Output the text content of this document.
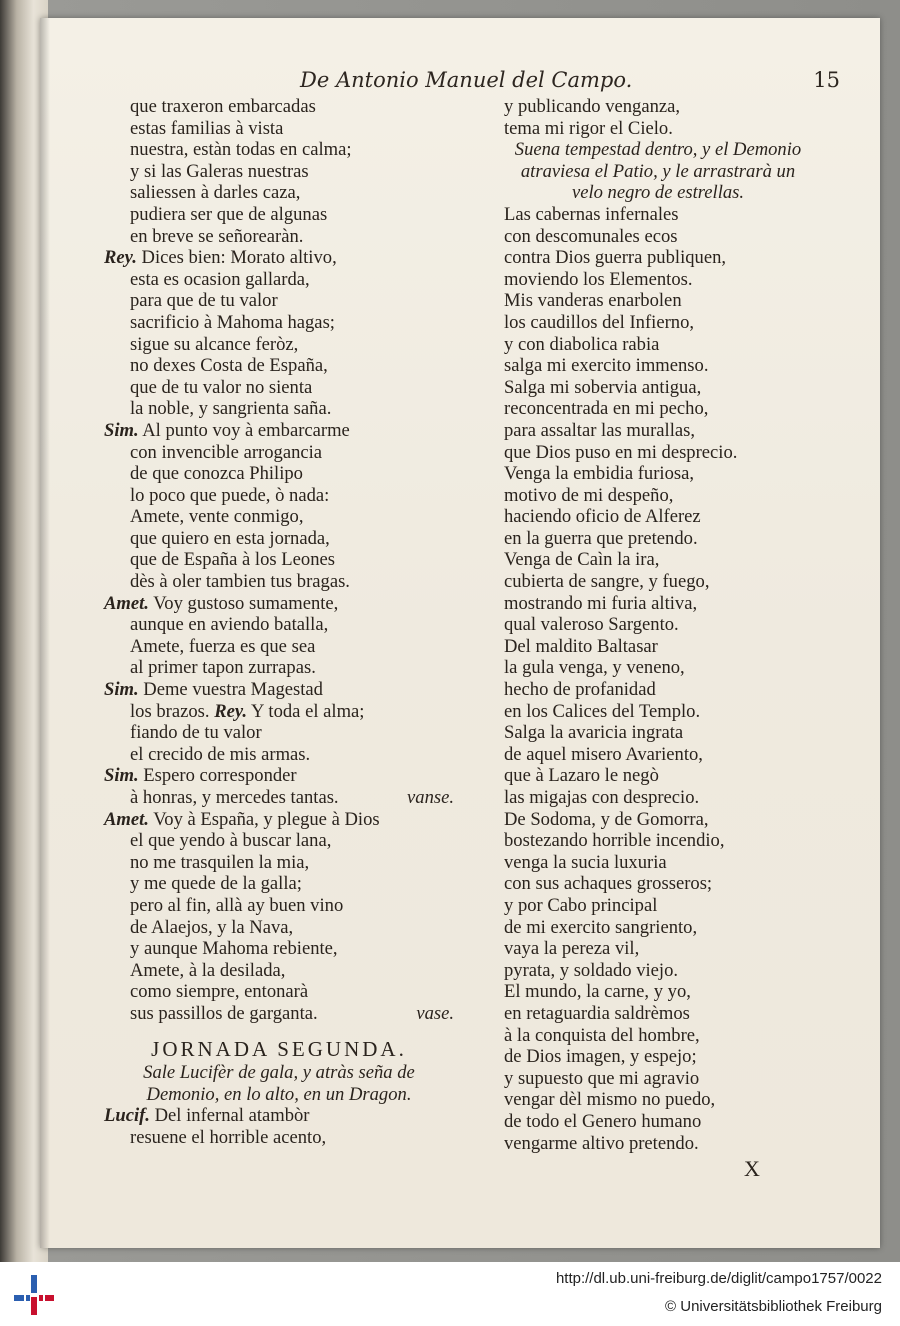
De Antonio Manuel del Campo.	15
que traxeron embarcadas
estas familias à vista
nuestra, estàn todas en calma;
y si las Galeras nuestras
saliessen à darles caza,
pudiera ser que de algunas
en breve se señorearàn.
Rey. Dices bien: Morato altivo,
esta es ocasion gallarda,
para que de tu valor
sacrificio à Mahoma hagas;
sigue su alcance feròz,
no dexes Costa de España,
que de tu valor no sienta
la noble, y sangrienta saña.
Sim. Al punto voy à embarcarme
con invencible arrogancia
de que conozca Philipo
lo poco que puede, ò nada:
Amete, vente conmigo,
que quiero en esta jornada,
que de España à los Leones
dès à oler tambien tus bragas.
Amet. Voy gustoso sumamente,
aunque en aviendo batalla,
Amete, fuerza es que sea
al primer tapon zurrapas.
Sim. Deme vuestra Magestad
los brazos. Rey. Y toda el alma;
fiando de tu valor
el crecido de mis armas.
Sim. Espero corresponder
à honras, y mercedes tantas.	vanse.
Amet. Voy à España, y plegue à Dios
el que yendo à buscar lana,
no me trasquilen la mia,
y me quede de la galla;
pero al fin, allà ay buen vino
de Alaejos, y la Nava,
y aunque Mahoma rebiente,
Amete, à la desilada,
como siempre, entonarà
sus passillos de garganta.	vase.
JORNADA SEGUNDA.
Sale Lucifèr de gala, y atràs seña de
Demonio, en lo alto, en un Dragon.
Lucif. Del infernal atambòr
resuene el horrible acento,
y publicando venganza,
tema mi rigor el Cielo.
Suena tempestad dentro, y el Demonio
atraviesa el Patio, y le arrastrarà un
velo negro de estrellas.
Las cabernas infernales
con descomunales ecos
contra Dios guerra publiquen,
moviendo los Elementos.
Mis vanderas enarbolen
los caudillos del Infierno,
y con diabolica rabia
salga mi exercito immenso.
Salga mi sobervia antigua,
reconcentrada en mi pecho,
para assaltar las murallas,
que Dios puso en mi desprecio.
Venga la embidia furiosa,
motivo de mi despeño,
haciendo oficio de Alferez
en la guerra que pretendo.
Venga de Caìn la ira,
cubierta de sangre, y fuego,
mostrando mi furia altiva,
qual valeroso Sargento.
Del maldito Baltasar
la gula venga, y veneno,
hecho de profanidad
en los Calices del Templo.
Salga la avaricia ingrata
de aquel misero Avariento,
que à Lazaro le negò
las migajas con desprecio.
De Sodoma, y de Gomorra,
bostezando horrible incendio,
venga la sucia luxuria
con sus achaques grosseros;
y por Cabo principal
de mi exercito sangriento,
vaya la pereza vil,
pyrata, y soldado viejo.
El mundo, la carne, y yo,
en retaguardia saldrèmos
à la conquista del hombre,
de Dios imagen, y espejo;
y supuesto que mi agravio
vengar dèl mismo no puedo,
de todo el Genero humano
vengarme altivo pretendo.
X
http://dl.ub.uni-freiburg.de/diglit/campo1757/0022
© Universitätsbibliothek Freiburg
